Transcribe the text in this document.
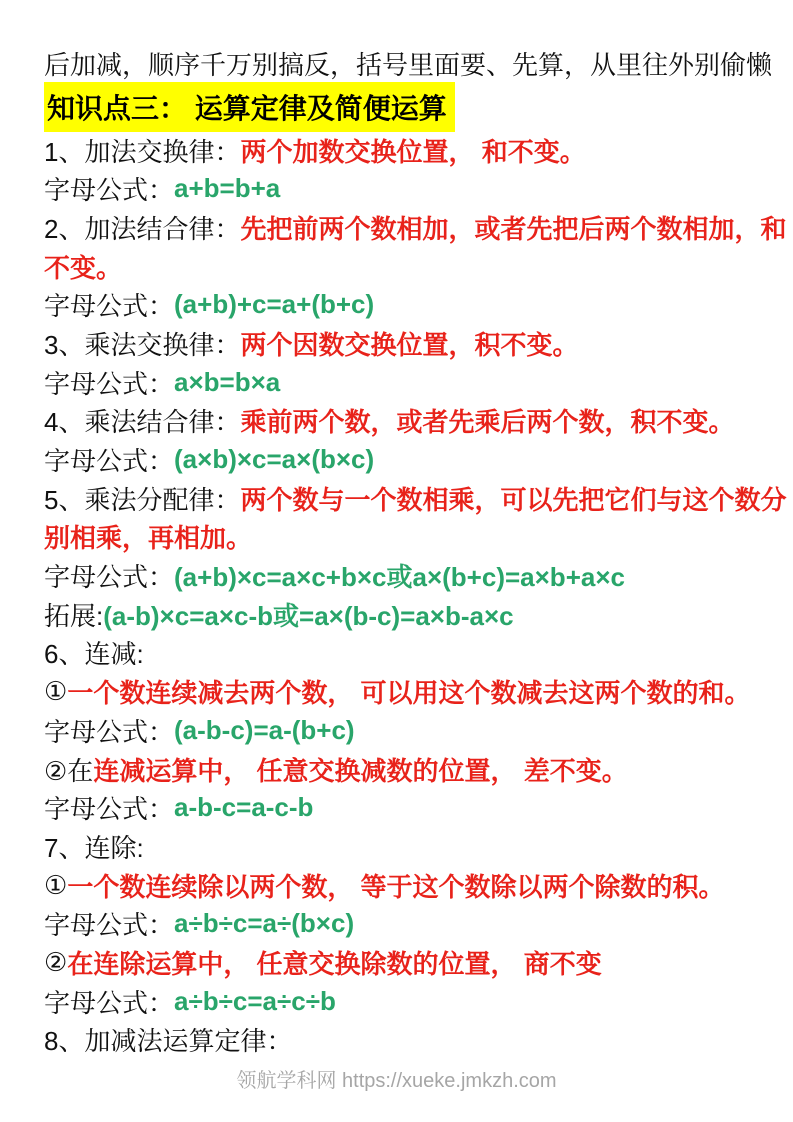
后加减，顺序千万别搞反，括号里面要、先算，从里往外别偷懒
知识点三： 运算定律及简便运算
1、加法交换律： 两个加数交换位置， 和不变。
字母公式： a+b=b+a
2、加法结合律： 先把前两个数相加，或者先把后两个数相加，和
不变。
字母公式： (a+b)+c=a+(b+c)
3、乘法交换律： 两个因数交换位置，积不变。
字母公式： a×b=b×a
4、乘法结合律： 乘前两个数，或者先乘后两个数，积不变。
字母公式： (a×b)×c=a×(b×c)
5、乘法分配律： 两个数与一个数相乘，可以先把它们与这个数分
别相乘，再相加。
字母公式： (a+b)×c=a×c+b×c或a×(b+c)=a×b+a×c
拓展: (a-b)×c=a×c-b或=a×(b-c)=a×b-a×c
6、连减:
① 一个数连续减去两个数， 可以用这个数减去这两个数的和。
字母公式： (a-b-c)=a-(b+c)
②在 连减运算中， 任意交换减数的位置， 差不变。
字母公式： a-b-c=a-c-b
7、连除:
① 一个数连续除以两个数， 等于这个数除以两个除数的积。
字母公式： a÷b÷c=a÷(b×c)
② 在连除运算中， 任意交换除数的位置， 商不变
字母公式： a÷b÷c=a÷c÷b
8、加减法运算定律：
领航学科网 https://xueke.jmkzh.com
